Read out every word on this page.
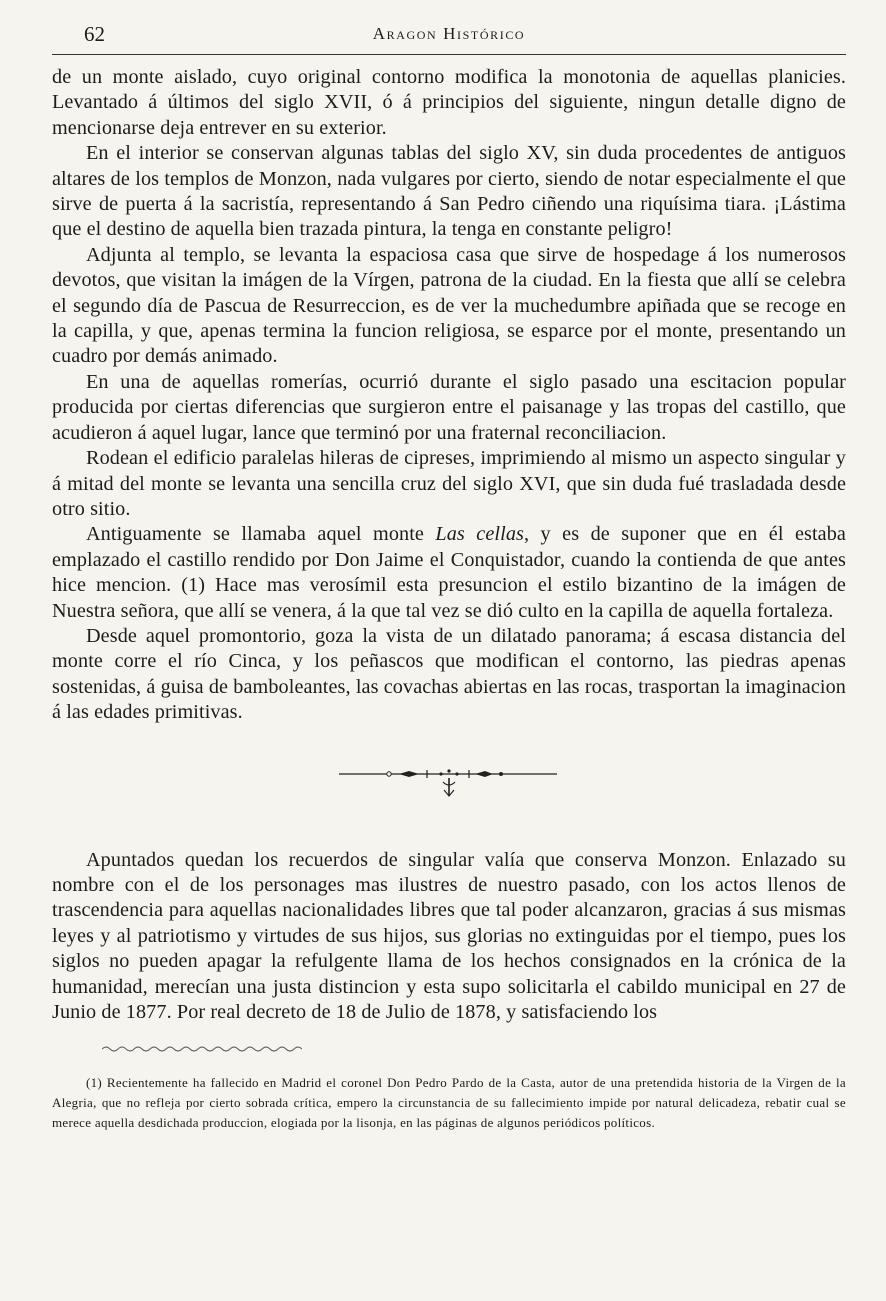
62	Aragon Histórico

de un monte aislado, cuyo original contorno modifica la monotonia de aquellas planicies. Levantado á últimos del siglo XVII, ó á principios del siguiente, ningun detalle digno de mencionarse deja entrever en su exterior.

En el interior se conservan algunas tablas del siglo XV, sin duda procedentes de antiguos altares de los templos de Monzon, nada vulgares por cierto, siendo de notar especialmente el que sirve de puerta á la sacristía, representando á San Pedro ciñendo una riquísima tiara. ¡Lástima que el destino de aquella bien trazada pintura, la tenga en constante peligro!

Adjunta al templo, se levanta la espaciosa casa que sirve de hospedage á los numerosos devotos, que visitan la imágen de la Vírgen, patrona de la ciudad. En la fiesta que allí se celebra el segundo día de Pascua de Resurreccion, es de ver la muchedumbre apiñada que se recoge en la capilla, y que, apenas termina la funcion religiosa, se esparce por el monte, presentando un cuadro por demás animado.

En una de aquellas romerías, ocurrió durante el siglo pasado una escitacion popular producida por ciertas diferencias que surgieron entre el paisanage y las tropas del castillo, que acudieron á aquel lugar, lance que terminó por una fraternal reconciliacion.

Rodean el edificio paralelas hileras de cipreses, imprimiendo al mismo un aspecto singular y á mitad del monte se levanta una sencilla cruz del siglo XVI, que sin duda fué trasladada desde otro sitio.

Antiguamente se llamaba aquel monte Las cellas, y es de suponer que en él estaba emplazado el castillo rendido por Don Jaime el Conquistador, cuando la contienda de que antes hice mencion. (1) Hace mas verosímil esta presuncion el estilo bizantino de la imágen de Nuestra señora, que allí se venera, á la que tal vez se dió culto en la capilla de aquella fortaleza.

Desde aquel promontorio, goza la vista de un dilatado panorama; á escasa distancia del monte corre el río Cinca, y los peñascos que modifican el contorno, las piedras apenas sostenidas, á guisa de bamboleantes, las covachas abiertas en las rocas, trasportan la imaginacion á las edades primitivas.

Apuntados quedan los recuerdos de singular valía que conserva Monzon. Enlazado su nombre con el de los personages mas ilustres de nuestro pasado, con los actos llenos de trascendencia para aquellas nacionalidades libres que tal poder alcanzaron, gracias á sus mismas leyes y al patriotismo y virtudes de sus hijos, sus glorias no extinguidas por el tiempo, pues los siglos no pueden apagar la refulgente llama de los hechos consignados en la crónica de la humanidad, merecían una justa distincion y esta supo solicitarla el cabildo municipal en 27 de Junio de 1877. Por real decreto de 18 de Julio de 1878, y satisfaciendo los

(1) Recientemente ha fallecido en Madrid el coronel Don Pedro Pardo de la Casta, autor de una pretendida historia de la Virgen de la Alegria, que no refleja por cierto sobrada crítica, empero la circunstancia de su fallecimiento impide por natural delicadeza, rebatir cual se merece aquella desdichada produccion, elogiada por la lisonja, en las páginas de algunos periódicos políticos.
